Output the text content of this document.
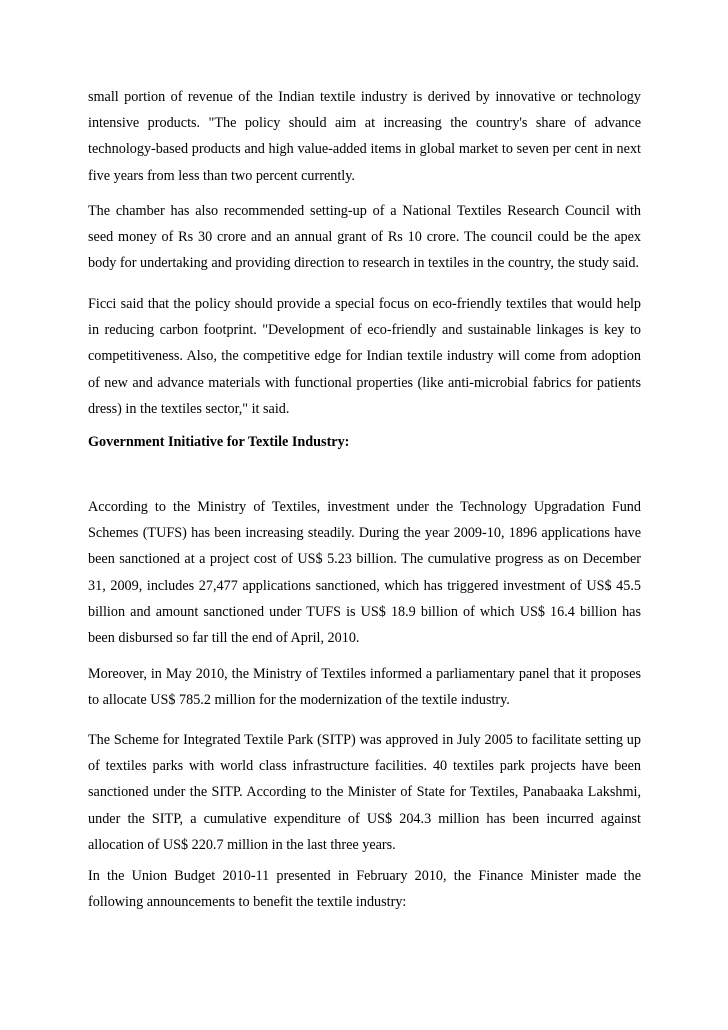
small portion of revenue of the Indian textile industry is derived by innovative or technology intensive products. "The policy should aim at increasing the country's share of advance technology-based products and high value-added items in global market to seven per cent in next five years from less than two percent currently.

The chamber has also recommended setting-up of a National Textiles Research Council with seed money of Rs 30 crore and an annual grant of Rs 10 crore. The council could be the apex body for undertaking and providing direction to research in textiles in the country, the study said.

Ficci said that the policy should provide a special focus on eco-friendly textiles that would help in reducing carbon footprint. "Development of eco-friendly and sustainable linkages is key to competitiveness. Also, the competitive edge for Indian textile industry will come from adoption of new and advance materials with functional properties (like anti-microbial fabrics for patients dress) in the textiles sector," it said.

Government Initiative for Textile Industry:

According to the Ministry of Textiles, investment under the Technology Upgradation Fund Schemes (TUFS) has been increasing steadily. During the year 2009-10, 1896 applications have been sanctioned at a project cost of US$ 5.23 billion. The cumulative progress as on December 31, 2009, includes 27,477 applications sanctioned, which has triggered investment of US$ 45.5 billion and amount sanctioned under TUFS is US$ 18.9 billion of which US$ 16.4 billion has been disbursed so far till the end of April, 2010.

Moreover, in May 2010, the Ministry of Textiles informed a parliamentary panel that it proposes to allocate US$ 785.2 million for the modernization of the textile industry.

The Scheme for Integrated Textile Park (SITP) was approved in July 2005 to facilitate setting up of textiles parks with world class infrastructure facilities. 40 textiles park projects have been sanctioned under the SITP. According to the Minister of State for Textiles, Panabaaka Lakshmi, under the SITP, a cumulative expenditure of US$ 204.3 million has been incurred against allocation of US$ 220.7 million in the last three years.

In the Union Budget 2010-11 presented in February 2010, the Finance Minister made the following announcements to benefit the textile industry:
